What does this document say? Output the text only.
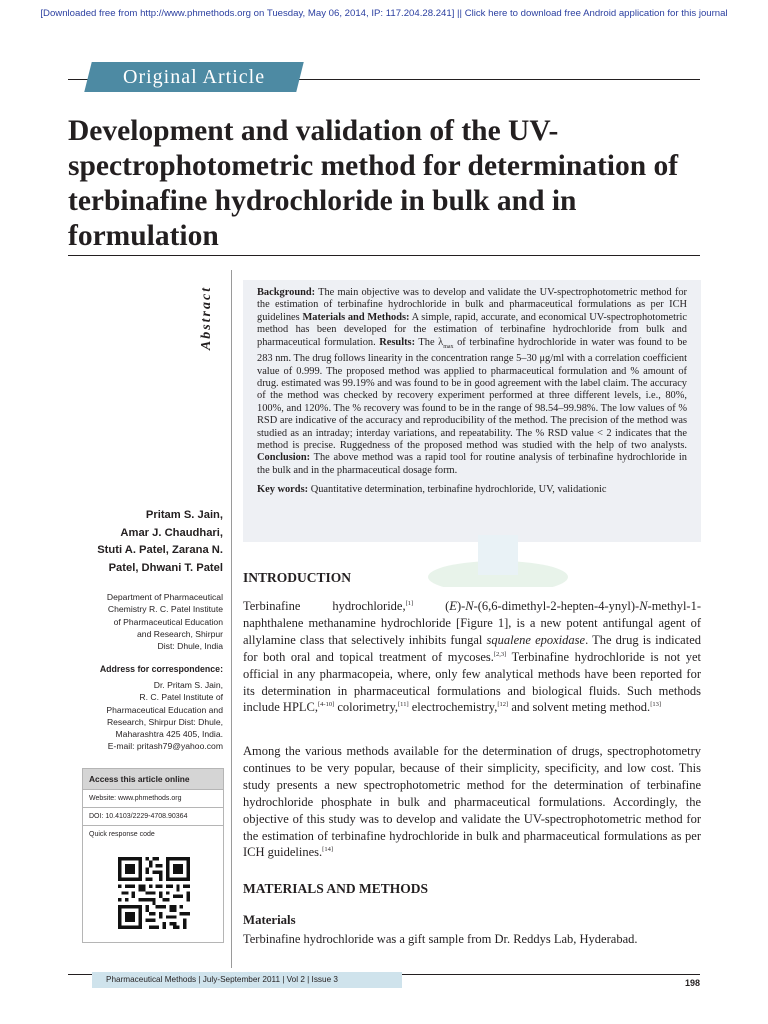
[Downloaded free from http://www.phmethods.org on Tuesday, May 06, 2014, IP: 117.204.28.241] || Click here to download free Android application for this journal
Original Article
Development and validation of the UV-spectrophotometric method for determination of terbinafine hydrochloride in bulk and in formulation
Abstract	Background: The main objective was to develop and validate the UV-spectrophotometric method for the estimation of terbinafine hydrochloride in bulk and pharmaceutical formulations as per ICH guidelines Materials and Methods: A simple, rapid, accurate, and economical UV-spectrophotometric method has been developed for the estimation of terbinafine hydrochloride from bulk and pharmaceutical formulation. Results: The $\lambda_{max}$ of terbinafine hydrochloride in water was found to be 283 nm. The drug follows linearity in the concentration range 5–30 μg/ml with a correlation coefficient value of 0.999. The proposed method was applied to pharmaceutical formulation and % amount of drug. estimated was 99.19% and was found to be in good agreement with the label claim. The accuracy of the method was checked by recovery experiment performed at three different levels, i.e., 80%, 100%, and 120%. The % recovery was found to be in the range of 98.54–99.98%. The low values of % RSD are indicative of the accuracy and reproducibility of the method. The precision of the method was studied as an intraday; interday variations, and repeatability. The % RSD value < 2 indicates that the method is precise. Ruggedness of the proposed method was studied with the help of two analysts. Conclusion: The above method was a rapid tool for routine analysis of terbinafine hydrochloride in the bulk and in the pharmaceutical dosage form.

Key words: Quantitative determination, terbinafine hydrochloride, UV, validationic

Pritam S. Jain,
Amar J. Chaudhari,
Stuti A. Patel, Zarana N.
Patel, Dhwani T. Patel
Department of Pharmaceutical
Chemistry R. C. Patel Institute
of Pharmaceutical Education
and Research, Shirpur
Dist: Dhule, India
Address for correspondence:
Dr. Pritam S. Jain,
R. C. Patel Institute of
Pharmaceutical Education and
Research, Shirpur Dist: Dhule,
Maharashtra 425 405, India.
E-mail: pritash79@yahoo.com
Access this article online
Website: www.phmethods.org
DOI: 10.4103/2229-4708.90364
Quick response code
INTRODUCTION

Terbinafine hydrochloride,[1] (E)-N-(6,6-dimethyl-2-hepten-4-ynyl)-N-methyl-1-naphthalene methanamine hydrochloride [Figure 1], is a new potent antifungal agent of allylamine class that selectively inhibits fungal squalene epoxidase. The drug is indicated for both oral and topical treatment of mycoses.[2,3] Terbinafine hydrochloride is not yet official in any pharmacopeia, where, only few analytical methods have been reported for its determination in pharmaceutical formulations and biological fluids. Such methods include HPLC,[4-10] colorimetry,[11] electrochemistry,[12] and solvent meting method.[13]

Among the various methods available for the determination of drugs, spectrophotometry continues to be very popular, because of their simplicity, specificity, and low cost. This study presents a new spectrophotometric method for the determination of terbinafine hydrochloride phosphate in bulk and pharmaceutical formulations. Accordingly, the objective of this study was to develop and validate the UV-spectrophotometric method for the estimation of terbinafine hydrochloride in bulk and pharmaceutical formulations as per ICH guidelines.[14]

MATERIALS AND METHODS
Materials

Terbinafine hydrochloride was a gift sample from Dr. Reddys Lab, Hyderabad.

Pharmaceutical Methods | July-September 2011 | Vol 2 | Issue 3	198
